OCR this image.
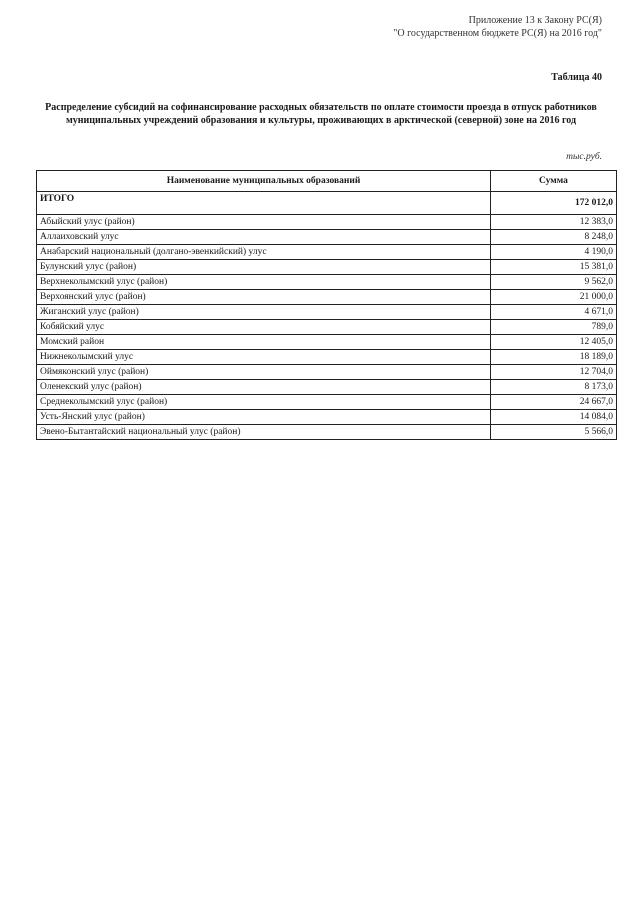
Приложение 13 к Закону РС(Я)
"О государственном бюджете РС(Я) на 2016 год"
Таблица 40
Распределение субсидий на софинансирование расходных обязательств по оплате стоимости проезда в отпуск работников муниципальных учреждений образования и культуры, проживающих в арктической (северной) зоне на 2016 год
тыс.руб.
Наименование муниципальных образований	Сумма
ИТОГО	172 012,0
Абыйский улус (район)	12 383,0
Аллаиховский улус	8 248,0
Анабарский национальный (долгано-эвенкийский) улус	4 190,0
Булунский улус (район)	15 381,0
Верхнеколымский улус (район)	9 562,0
Верхоянский улус (район)	21 000,0
Жиганский улус (район)	4 671,0
Кобяйский улус	789,0
Момский район	12 405,0
Нижнеколымский улус	18 189,0
Оймяконский улус (район)	12 704,0
Оленекский улус (район)	8 173,0
Среднеколымский улус (район)	24 667,0
Усть-Янский улус (район)	14 084,0
Эвено-Бытантайский национальный улус (район)	5 566,0
